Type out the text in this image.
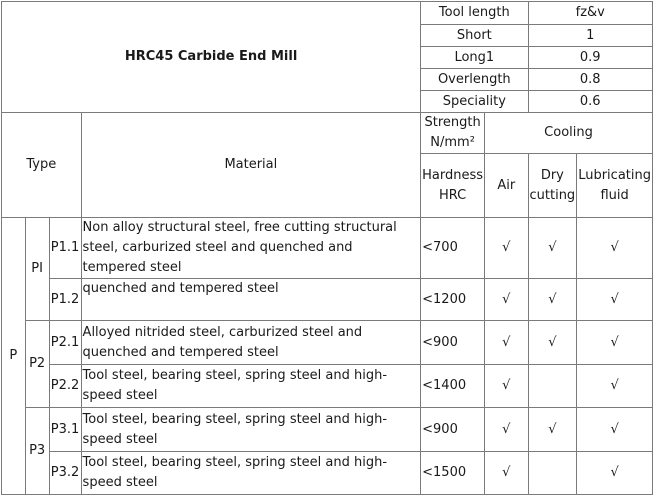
HRC45 Carbide End Mill				Tool length		fz&v	
				Short		1	
				Long1		0.9	
				Overlength		0.8	
				Speciality		0.6	
Type			Material	Strength N/mm²	Cooling		
				Hardness HRC	Air	Dry cutting	Lubricating fluid
P	PI	P1.1	Non alloy structural steel, free cutting structural steel, carburized steel and quenched and tempered steel	<700	√	√	√
		P1.2	quenched and tempered steel	<1200	√	√	√
	P2	P2.1	Alloyed nitrided steel, carburized steel and quenched and tempered steel	<900	√	√	√
		P2.2	Tool steel, bearing steel, spring steel and high-speed steel	<1400	√		√
	P3	P3.1	Tool steel, bearing steel, spring steel and high-speed steel	<900	√	√	√
		P3.2	Tool steel, bearing steel, spring steel and high-speed steel	<1500	√		√
